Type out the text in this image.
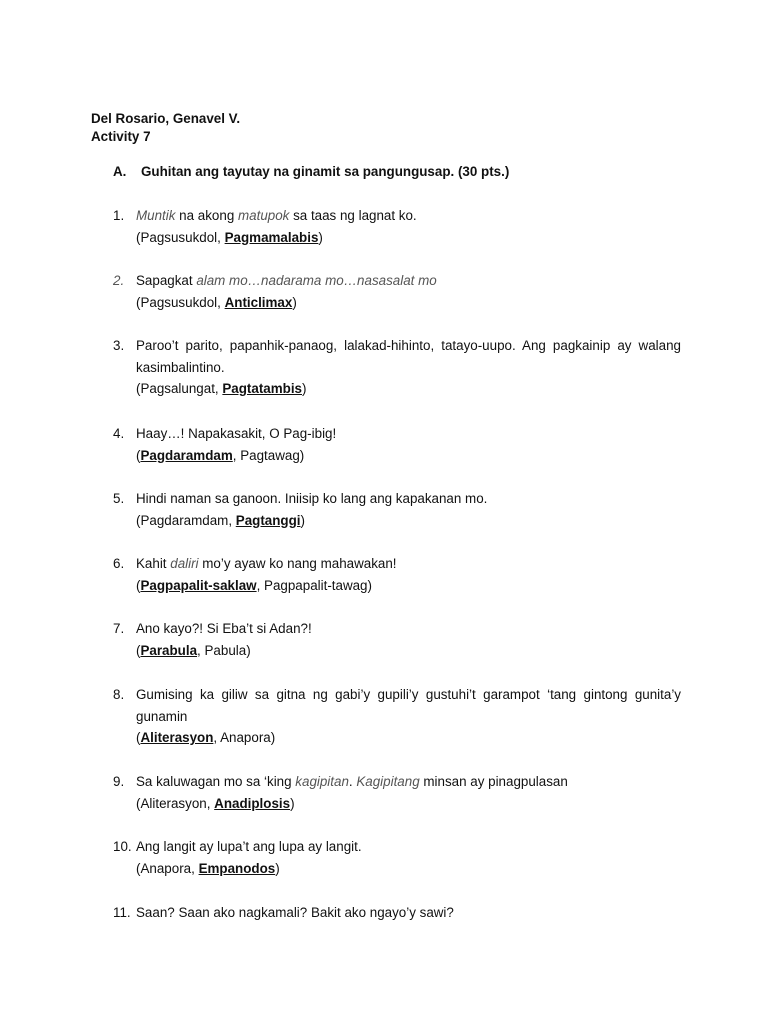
Del Rosario, Genavel V.
Activity 7
A. Guhitan ang tayutay na ginamit sa pangungusap. (30 pts.)
1. Muntik na akong matupok sa taas ng lagnat ko.
(Pagsusukdol, Pagmamalabis)
2. Sapagkat alam mo…nadarama mo…nasasalat mo
(Pagsusukdol, Anticlimax)
3. Paroo’t parito, papanhik-panaog, lalakad-hihinto, tatayo-uupo. Ang pagkainip ay walang kasimbalintino.
(Pagsalungat, Pagtatambis)
4. Haay…! Napakasakit, O Pag-ibig!
(Pagdaramdam, Pagtawag)
5. Hindi naman sa ganoon. Iniisip ko lang ang kapakanan mo.
(Pagdaramdam, Pagtanggi)
6. Kahit daliri mo’y ayaw ko nang mahawakan!
(Pagpapalit-saklaw, Pagpapalit-tawag)
7. Ano kayo?! Si Eba’t si Adan?!
(Parabula, Pabula)
8. Gumising ka giliw sa gitna ng gabi’y gupili’y gustuhi’t garampot ‘tang gintong gunita’y gunamin
(Aliterasyon, Anapora)
9. Sa kaluwagan mo sa ‘king kagipitan. Kagipitang minsan ay pinagpulasan
(Aliterasyon, Anadiplosis)
10. Ang langit ay lupa’t ang lupa ay langit.
(Anapora, Empanodos)
11. Saan? Saan ako nagkamali? Bakit ako ngayo’y sawi?
